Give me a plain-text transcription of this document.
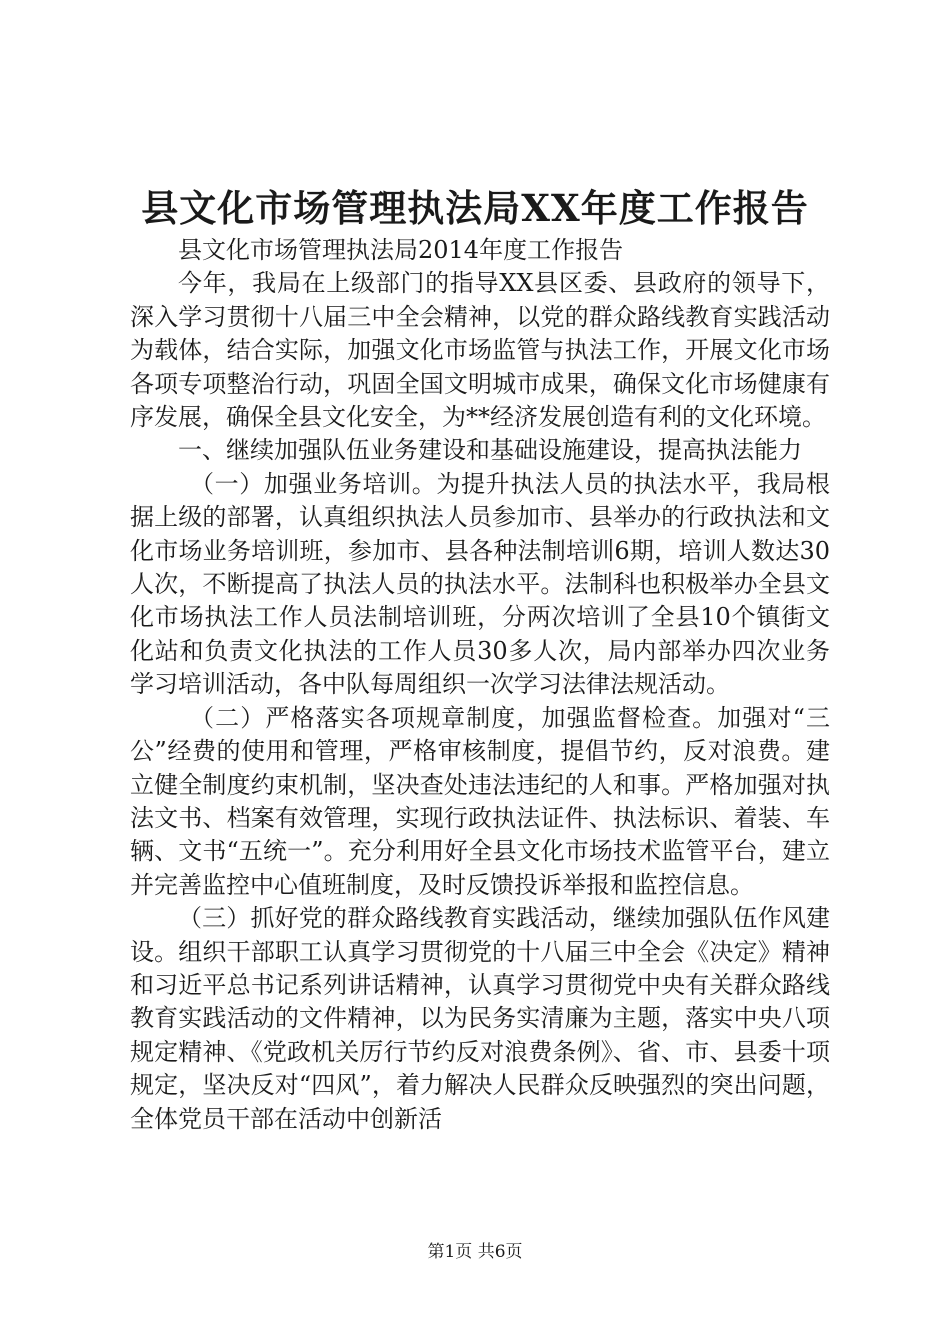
县文化市场管理执法局XX年度工作报告

县文化市场管理执法局2014年度工作报告

今年，我局在上级部门的指导XX县区委、县政府的领导下，深入学习贯彻十八届三中全会精神，以党的群众路线教育实践活动为载体，结合实际，加强文化市场监管与执法工作，开展文化市场各项专项整治行动，巩固全国文明城市成果，确保文化市场健康有序发展，确保全县文化安全，为**经济发展创造有利的文化环境。

一、继续加强队伍业务建设和基础设施建设，提高执法能力

（一）加强业务培训。为提升执法人员的执法水平，我局根据上级的部署，认真组织执法人员参加市、县举办的行政执法和文化市场业务培训班，参加市、县各种法制培训6期，培训人数达30人次，不断提高了执法人员的执法水平。法制科也积极举办全县文化市场执法工作人员法制培训班，分两次培训了全县10个镇街文化站和负责文化执法的工作人员30多人次，局内部举办四次业务学习培训活动，各中队每周组织一次学习法律法规活动。

（二）严格落实各项规章制度，加强监督检查。加强对“三公”经费的使用和管理，严格审核制度，提倡节约，反对浪费。建立健全制度约束机制，坚决查处违法违纪的人和事。严格加强对执法文书、档案有效管理，实现行政执法证件、执法标识、着装、车辆、文书“五统一”。充分利用好全县文化市场技术监管平台，建立并完善监控中心值班制度，及时反馈投诉举报和监控信息。

（三）抓好党的群众路线教育实践活动，继续加强队伍作风建设。组织干部职工认真学习贯彻党的十八届三中全会《决定》精神和习近平总书记系列讲话精神，认真学习贯彻党中央有关群众路线教育实践活动的文件精神，以为民务实清廉为主题，落实中央八项规定精神、《党政机关厉行节约反对浪费条例》、省、市、县委十项规定，坚决反对“四风”，着力解决人民群众反映强烈的突出问题，全体党员干部在活动中创新活

第1页 共6页
